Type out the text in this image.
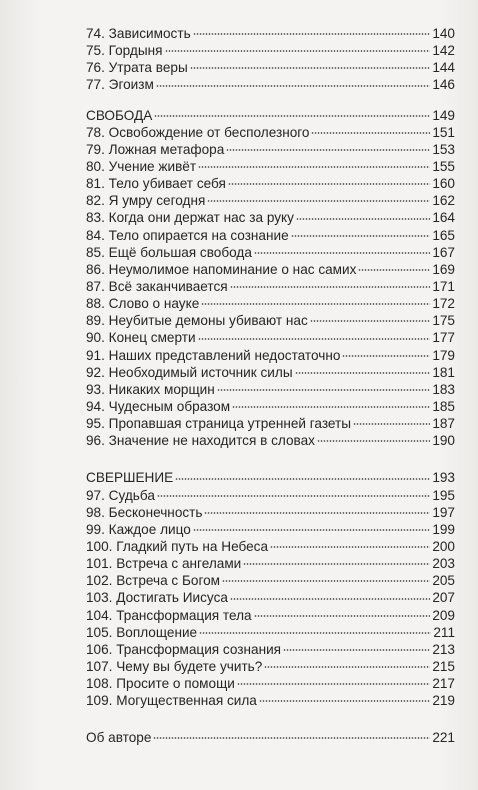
74. Зависимость	140
75. Гордыня	142
76. Утрата веры	144
77. Эгоизм	146
СВОБОДА	149
78. Освобождение от бесполезного	151
79. Ложная метафора	153
80. Учение живёт	155
81. Тело убивает себя	160
82. Я умру сегодня	162
83. Когда они держат нас за руку	164
84. Тело опирается на сознание	165
85. Ещё большая свобода	167
86. Неумолимое напоминание о нас самих	169
87. Всё заканчивается	171
88. Слово о науке	172
89. Неубитые демоны убивают нас	175
90. Конец смерти	177
91. Наших представлений недостаточно	179
92. Необходимый источник силы	181
93. Никаких морщин	183
94. Чудесным образом	185
95. Пропавшая страница утренней газеты	187
96. Значение не находится в словах	190
СВЕРШЕНИЕ	193
97. Судьба	195
98. Бесконечность	197
99. Каждое лицо	199
100. Гладкий путь на Небеса	200
101. Встреча с ангелами	203
102. Встреча с Богом	205
103. Достигать Иисуса	207
104. Трансформация тела	209
105. Воплощение	211
106. Трансформация сознания	213
107. Чему вы будете учить?	215
108. Просите о помощи	217
109. Могущественная сила	219
Об авторе	221
